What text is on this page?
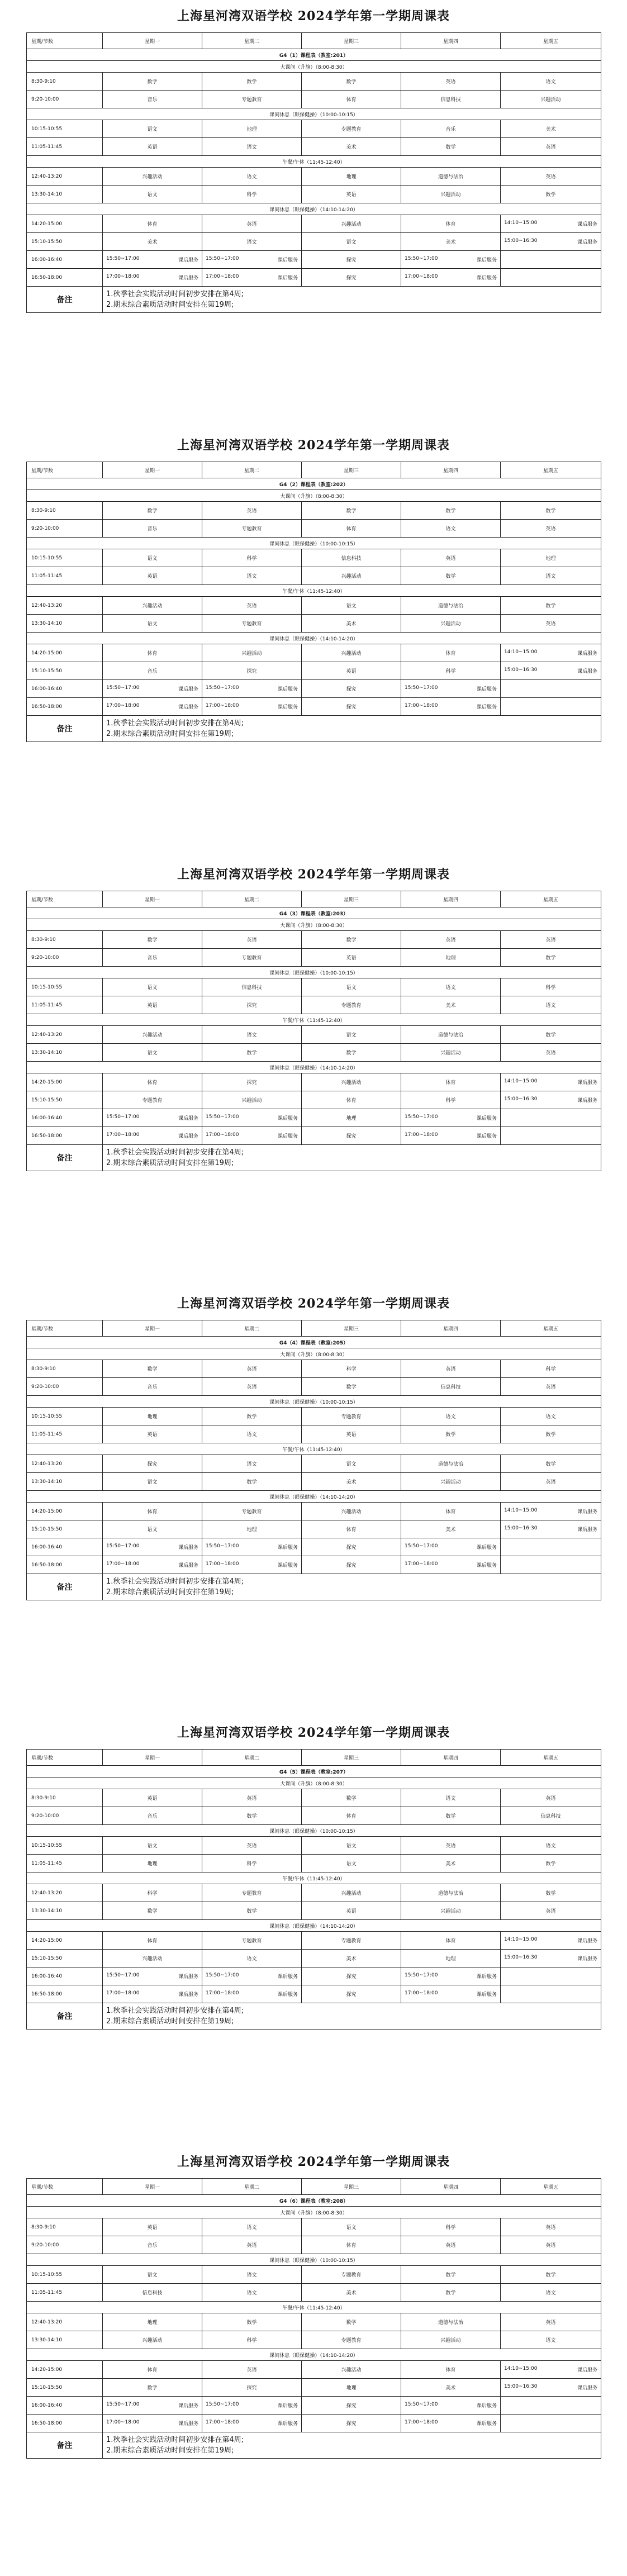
上海星河湾双语学校 2024学年第一学期周课表
星期/节数	星期一	星期二	星期三	星期四	星期五
G4（1）课程表（教室:201）					
大课间（升旗）（8:00-8:30）					
8:30-9:10	数学	数学	数学	英语	语文
9:20-10:00	音乐	专题教育	体育	信息科技	兴趣活动
课间休息（眼保健操）（10:00-10:15）					
10:15-10:55	语文	地理	专题教育	音乐	美术
11:05-11:45	英语	语文	美术	数学	英语
午餐/午休（11:45-12:40）					
12:40-13:20	兴趣活动	语文	地理	道德与法治	英语
13:30-14:10	语文	科学	英语	兴趣活动	数学
课间休息（眼保健操）（14:10-14:20）					
14:20-15:00	体育	英语	兴趣活动	体育	14:10~15:00 课后服务

15:10-15:50	美术	语文	语文	美术	15:00~16:30 课后服务

16:00-16:40	15:50~17:00 课后服务	15:50~17:00 课后服务	探究	15:50~17:00 课后服务	

16:50-18:00	17:00~18:00 课后服务	17:00~18:00 课后服务	探究	17:00~18:00 课后服务	

备注	1.秋季社会实践活动时间初步安排在第4周;
2.期末综合素质活动时间安排在第19周;				
上海星河湾双语学校 2024学年第一学期周课表
星期/节数	星期一	星期二	星期三	星期四	星期五
G4（2）课程表（教室:202）					
大课间（升旗）（8:00-8:30）					
8:30-9:10	数学	英语	数学	数学	数学
9:20-10:00	音乐	专题教育	体育	语文	英语
课间休息（眼保健操）（10:00-10:15）					
10:15-10:55	语文	科学	信息科技	英语	地理
11:05-11:45	英语	语文	兴趣活动	数学	语文
午餐/午休（11:45-12:40）					
12:40-13:20	兴趣活动	英语	语文	道德与法治	数学
13:30-14:10	语文	专题教育	美术	兴趣活动	英语
课间休息（眼保健操）（14:10-14:20）					
14:20-15:00	体育	兴趣活动	兴趣活动	体育	14:10~15:00 课后服务

15:10-15:50	音乐	探究	英语	科学	15:00~16:30 课后服务

16:00-16:40	15:50~17:00 课后服务	15:50~17:00 课后服务	探究	15:50~17:00 课后服务	

16:50-18:00	17:00~18:00 课后服务	17:00~18:00 课后服务	探究	17:00~18:00 课后服务	

备注	1.秋季社会实践活动时间初步安排在第4周;
2.期末综合素质活动时间安排在第19周;				
上海星河湾双语学校 2024学年第一学期周课表
星期/节数	星期一	星期二	星期三	星期四	星期五
G4（3）课程表（教室:203）					
大课间（升旗）（8:00-8:30）					
8:30-9:10	数学	英语	数学	英语	英语
9:20-10:00	音乐	专题教育	英语	地理	数学
课间休息（眼保健操）（10:00-10:15）					
10:15-10:55	语文	信息科技	语文	语文	科学
11:05-11:45	英语	探究	专题教育	美术	语文
午餐/午休（11:45-12:40）					
12:40-13:20	兴趣活动	语文	语文	道德与法治	数学
13:30-14:10	语文	数学	数学	兴趣活动	英语
课间休息（眼保健操）（14:10-14:20）					
14:20-15:00	体育	探究	兴趣活动	体育	14:10~15:00 课后服务

15:10-15:50	专题教育	兴趣活动	体育	科学	15:00~16:30 课后服务

16:00-16:40	15:50~17:00 课后服务	15:50~17:00 课后服务	地理	15:50~17:00 课后服务	

16:50-18:00	17:00~18:00 课后服务	17:00~18:00 课后服务	探究	17:00~18:00 课后服务	

备注	1.秋季社会实践活动时间初步安排在第4周;
2.期末综合素质活动时间安排在第19周;				
上海星河湾双语学校 2024学年第一学期周课表
星期/节数	星期一	星期二	星期三	星期四	星期五
G4（4）课程表（教室:205）					
大课间（升旗）（8:00-8:30）					
8:30-9:10	数学	英语	科学	英语	科学
9:20-10:00	音乐	英语	数学	信息科技	英语
课间休息（眼保健操）（10:00-10:15）					
10:15-10:55	地理	数学	专题教育	语文	语文
11:05-11:45	英语	语文	英语	数学	数学
午餐/午休（11:45-12:40）					
12:40-13:20	探究	语文	语文	道德与法治	数学
13:30-14:10	语文	数学	美术	兴趣活动	英语
课间休息（眼保健操）（14:10-14:20）					
14:20-15:00	体育	专题教育	兴趣活动	体育	14:10~15:00 课后服务

15:10-15:50	语文	地理	体育	美术	15:00~16:30 课后服务

16:00-16:40	15:50~17:00 课后服务	15:50~17:00 课后服务	探究	15:50~17:00 课后服务	

16:50-18:00	17:00~18:00 课后服务	17:00~18:00 课后服务	探究	17:00~18:00 课后服务	

备注	1.秋季社会实践活动时间初步安排在第4周;
2.期末综合素质活动时间安排在第19周;				
上海星河湾双语学校 2024学年第一学期周课表
星期/节数	星期一	星期二	星期三	星期四	星期五
G4（5）课程表（教室:207）					
大课间（升旗）（8:00-8:30）					
8:30-9:10	英语	英语	数学	语文	英语
9:20-10:00	音乐	数学	体育	数学	信息科技
课间休息（眼保健操）（10:00-10:15）					
10:15-10:55	语文	英语	语文	英语	语文
11:05-11:45	地理	科学	语文	美术	数学
午餐/午休（11:45-12:40）					
12:40-13:20	科学	专题教育	兴趣活动	道德与法治	数学
13:30-14:10	数学	数学	英语	兴趣活动	英语
课间休息（眼保健操）（14:10-14:20）					
14:20-15:00	体育	专题教育	专题教育	体育	14:10~15:00 课后服务

15:10-15:50	兴趣活动	语文	美术	地理	15:00~16:30 课后服务

16:00-16:40	15:50~17:00 课后服务	15:50~17:00 课后服务	探究	15:50~17:00 课后服务	

16:50-18:00	17:00~18:00 课后服务	17:00~18:00 课后服务	探究	17:00~18:00 课后服务	

备注	1.秋季社会实践活动时间初步安排在第4周;
2.期末综合素质活动时间安排在第19周;				
上海星河湾双语学校 2024学年第一学期周课表
星期/节数	星期一	星期二	星期三	星期四	星期五
G4（6）课程表（教室:208）					
大课间（升旗）（8:00-8:30）					
8:30-9:10	英语	语文	语文	科学	英语
9:20-10:00	音乐	英语	体育	英语	英语
课间休息（眼保健操）（10:00-10:15）					
10:15-10:55	语文	语文	专题教育	数学	数学
11:05-11:45	信息科技	语文	美术	数学	语文
午餐/午休（11:45-12:40）					
12:40-13:20	地理	数学	数学	道德与法治	英语
13:30-14:10	兴趣活动	科学	专题教育	兴趣活动	语文
课间休息（眼保健操）（14:10-14:20）					
14:20-15:00	体育	英语	兴趣活动	体育	14:10~15:00 课后服务

15:10-15:50	数学	探究	地理	美术	15:00~16:30 课后服务

16:00-16:40	15:50~17:00 课后服务	15:50~17:00 课后服务	探究	15:50~17:00 课后服务	

16:50-18:00	17:00~18:00 课后服务	17:00~18:00 课后服务	探究	17:00~18:00 课后服务	

备注	1.秋季社会实践活动时间初步安排在第4周;
2.期末综合素质活动时间安排在第19周;				
